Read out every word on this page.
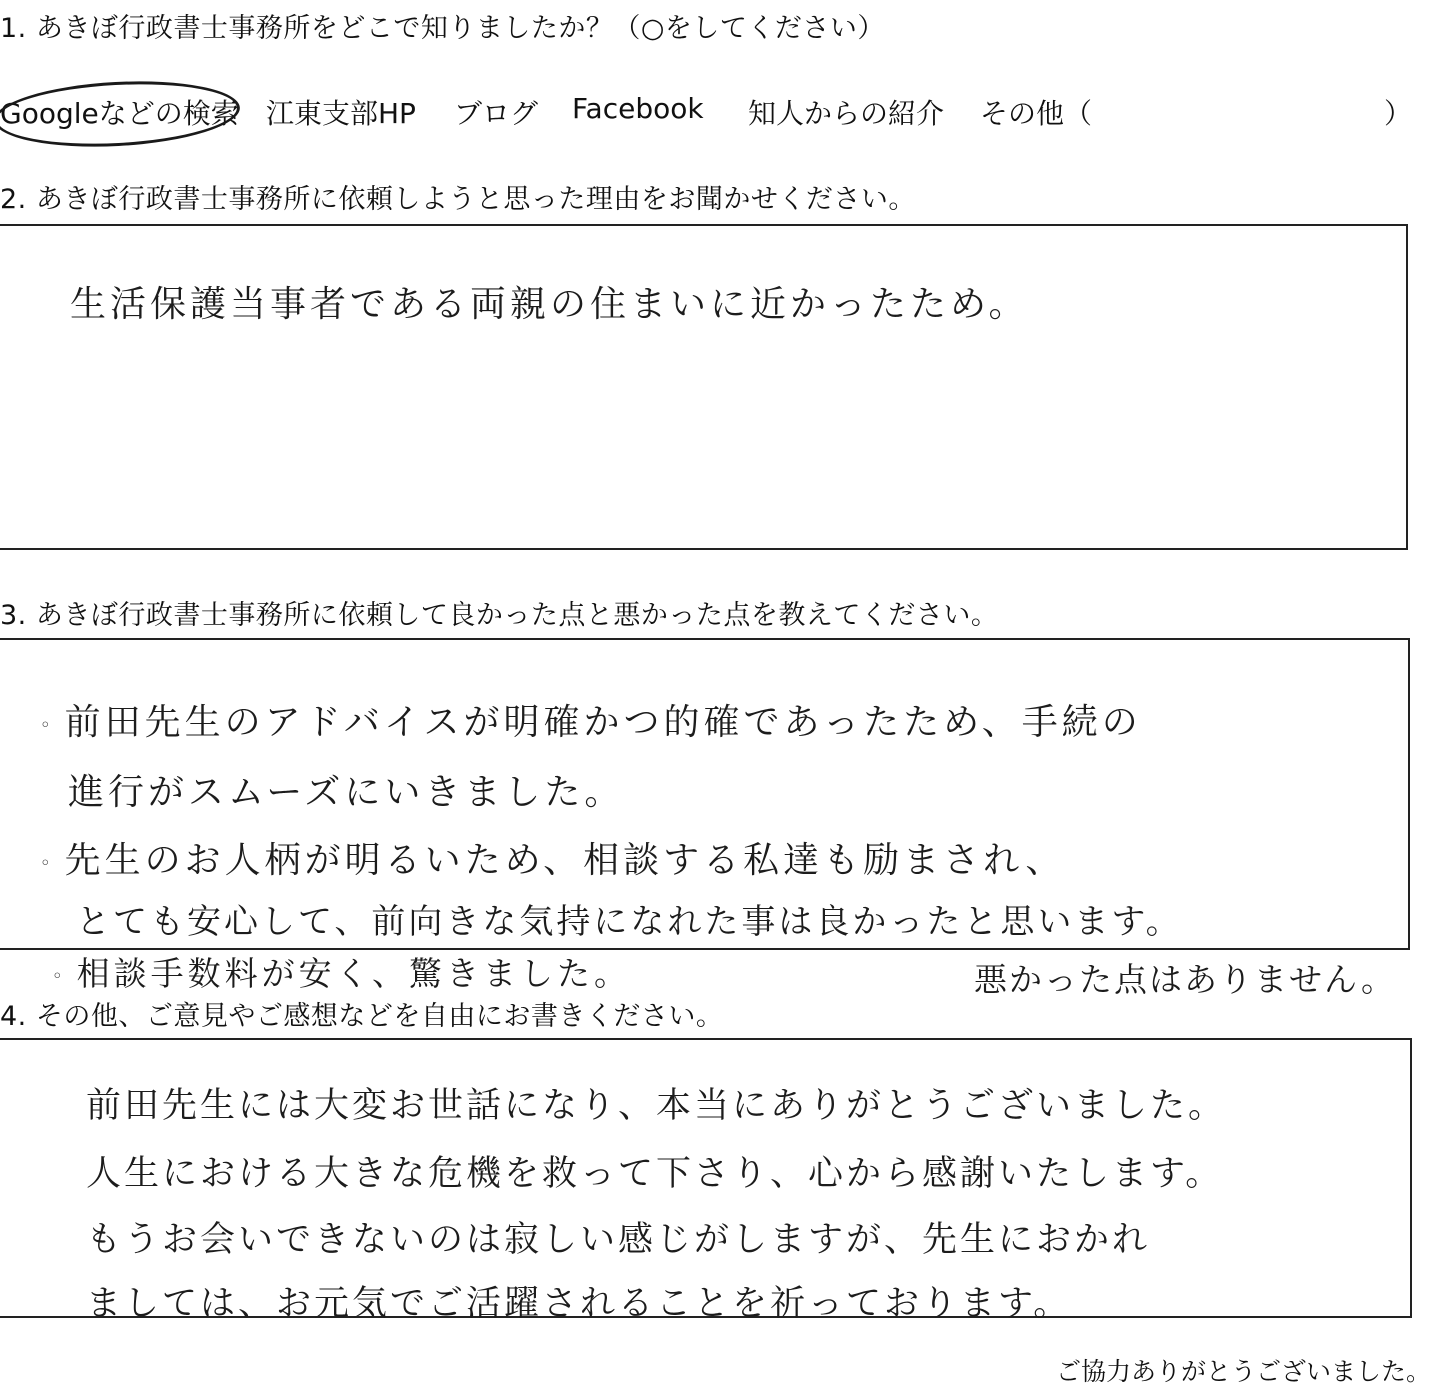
1. あきぼ行政書士事務所をどこで知りましたか？（○をしてください）
Googleなどの検索 江東支部HP ブログ Facebook 知人からの紹介 その他（	）
2. あきぼ行政書士事務所に依頼しようと思った理由をお聞かせください。
生活保護当事者である両親の住まいに近かったため。
3. あきぼ行政書士事務所に依頼して良かった点と悪かった点を教えてください。
◦ 前田先生のアドバイスが明確かつ的確であったため、手続の
進行がスムーズにいきました。
◦ 先生のお人柄が明るいため、相談する私達も励まされ、
とても安心して、前向きな気持になれた事は良かったと思います。
◦ 相談手数料が安く、驚きました。	悪かった点はありません。
4. その他、ご意見やご感想などを自由にお書きください。
前田先生には大変お世話になり、本当にありがとうございました。
人生における大きな危機を救って下さり、心から感謝いたします。
もうお会いできないのは寂しい感じがしますが、先生におかれ
ましては、お元気でご活躍されることを祈っております。
ご協力ありがとうございました。
